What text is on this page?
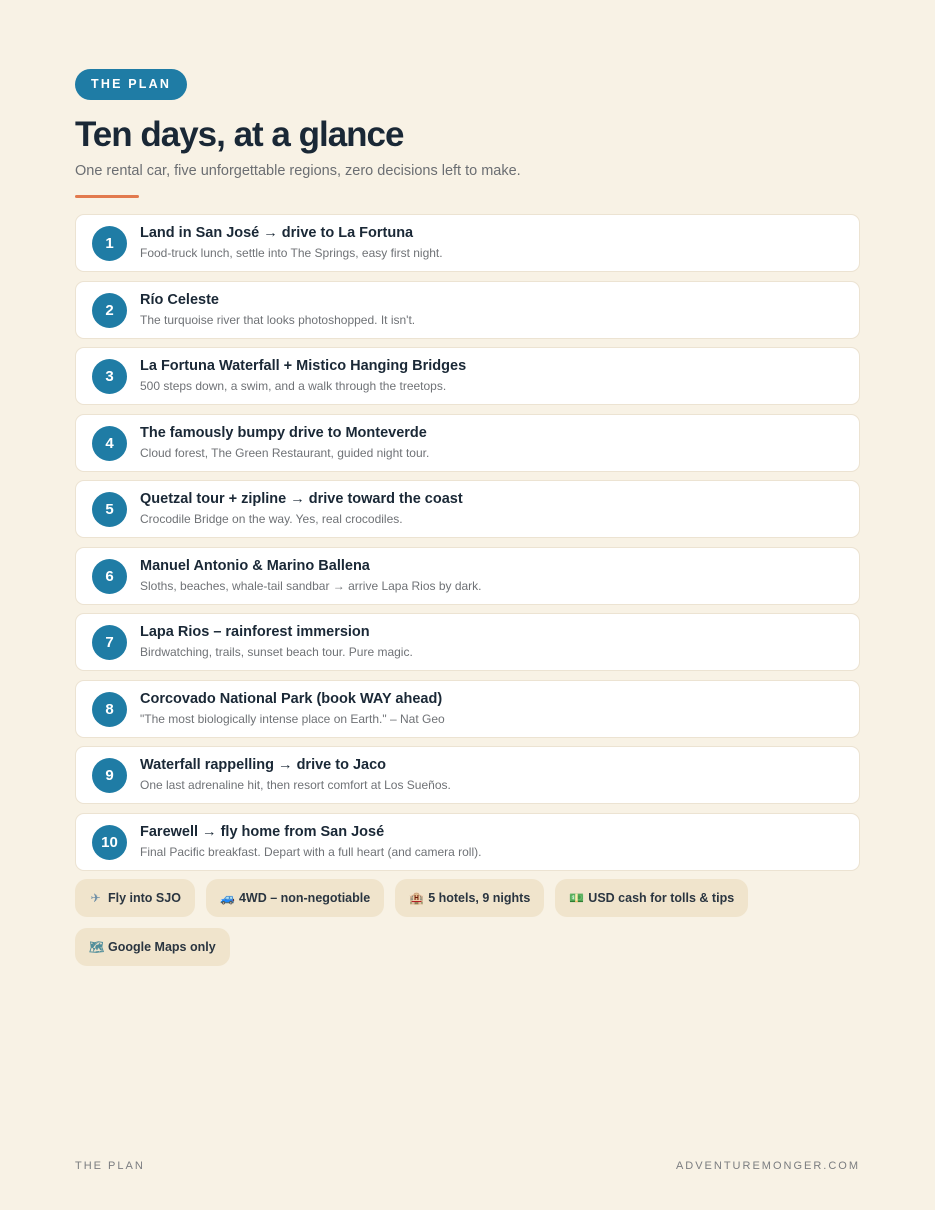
THE PLAN
Ten days, at a glance
One rental car, five unforgettable regions, zero decisions left to make.
1
Land in San José → drive to La Fortuna
Food-truck lunch, settle into The Springs, easy first night.
2
Río Celeste
The turquoise river that looks photoshopped. It isn't.
3
La Fortuna Waterfall + Mistico Hanging Bridges
500 steps down, a swim, and a walk through the treetops.
4
The famously bumpy drive to Monteverde
Cloud forest, The Green Restaurant, guided night tour.
5
Quetzal tour + zipline → drive toward the coast
Crocodile Bridge on the way. Yes, real crocodiles.
6
Manuel Antonio & Marino Ballena
Sloths, beaches, whale-tail sandbar → arrive Lapa Rios by dark.
7
Lapa Rios – rainforest immersion
Birdwatching, trails, sunset beach tour. Pure magic.
8
Corcovado National Park (book WAY ahead)
"The most biologically intense place on Earth." – Nat Geo
9
Waterfall rappelling → drive to Jaco
One last adrenaline hit, then resort comfort at Los Sueños.
10
Farewell → fly home from San José
Final Pacific breakfast. Depart with a full heart (and camera roll).
✈ Fly into SJO	🚙 4WD – non-negotiable	🏨 5 hotels, 9 nights	💵 USD cash for tolls & tips
🗺 Google Maps only
THE PLAN	ADVENTUREMONGER.COM
